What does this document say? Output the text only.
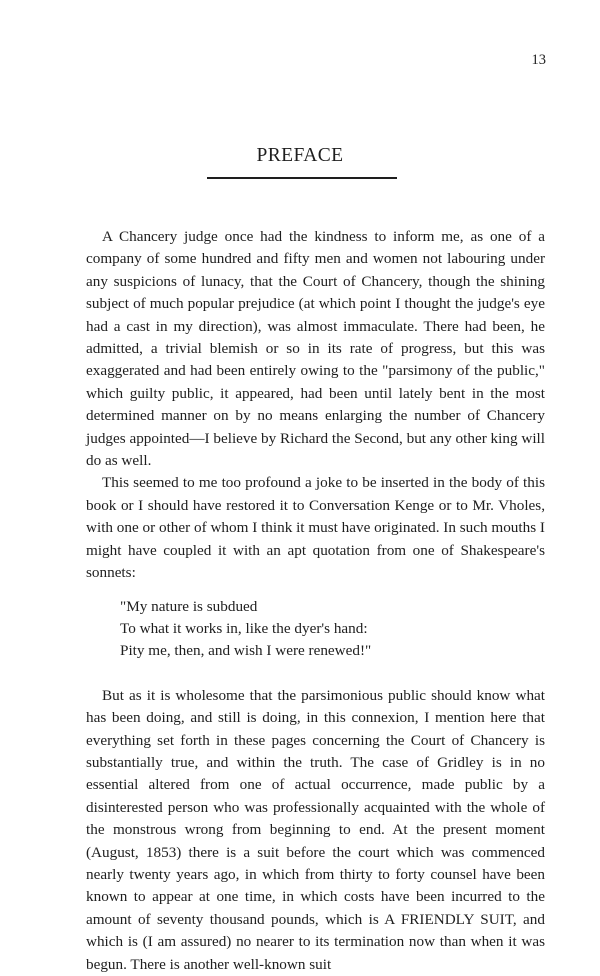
13
PREFACE

A Chancery judge once had the kindness to inform me, as one of a company of some hundred and fifty men and women not labouring under any suspicions of lunacy, that the Court of Chancery, though the shining subject of much popular prejudice (at which point I thought the judge's eye had a cast in my direction), was almost immaculate. There had been, he admitted, a trivial blemish or so in its rate of progress, but this was exaggerated and had been entirely owing to the "parsimony of the public," which guilty public, it appeared, had been until lately bent in the most determined manner on by no means enlarging the number of Chancery judges appointed—I believe by Richard the Second, but any other king will do as well.

This seemed to me too profound a joke to be inserted in the body of this book or I should have restored it to Conversation Kenge or to Mr. Vholes, with one or other of whom I think it must have originated. In such mouths I might have coupled it with an apt quotation from one of Shakespeare's sonnets:

"My nature is subdued
To what it works in, like the dyer's hand:
Pity me, then, and wish I were renewed!"

But as it is wholesome that the parsimonious public should know what has been doing, and still is doing, in this connexion, I mention here that everything set forth in these pages concerning the Court of Chancery is substantially true, and within the truth. The case of Gridley is in no essential altered from one of actual occurrence, made public by a disinterested person who was professionally acquainted with the whole of the monstrous wrong from beginning to end. At the present moment (August, 1853) there is a suit before the court which was commenced nearly twenty years ago, in which from thirty to forty counsel have been known to appear at one time, in which costs have been incurred to the amount of seventy thousand pounds, which is A FRIENDLY SUIT, and which is (I am assured) no nearer to its termination now than when it was begun. There is another well-known suit
